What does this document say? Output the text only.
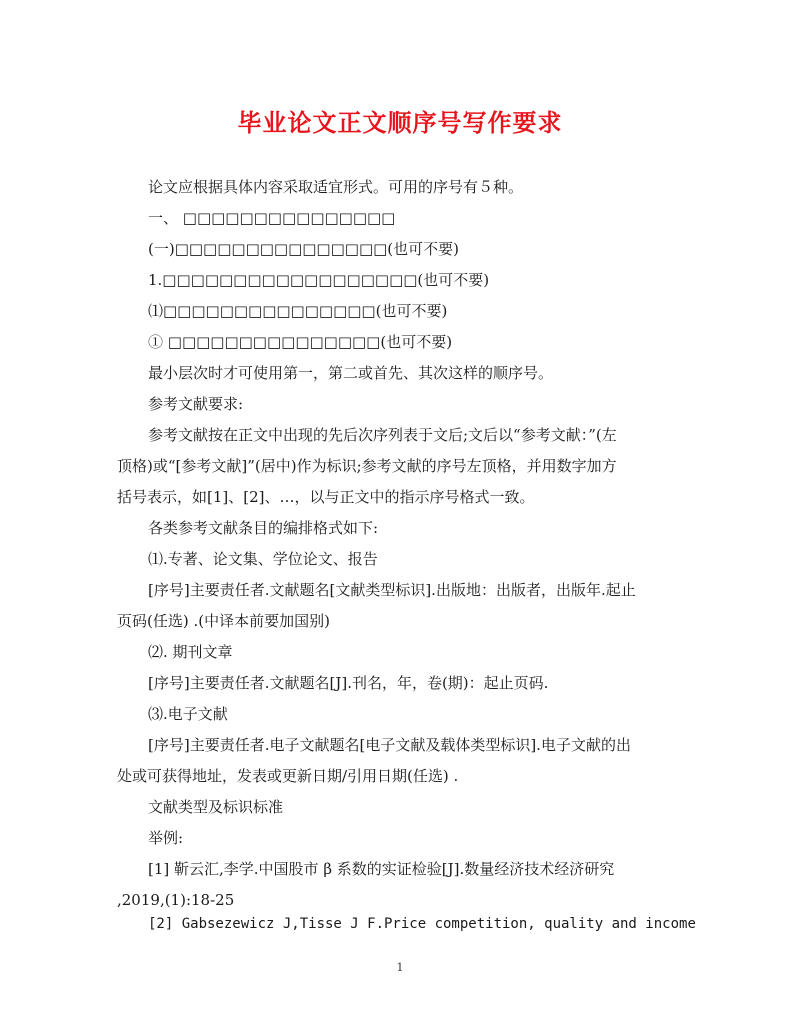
毕业论文正文顺序号写作要求
论文应根据具体内容采取适宜形式。可用的序号有５种。
一、 □□□□□□□□□□□□□□□
(一)□□□□□□□□□□□□□□□(也可不要)
1.□□□□□□□□□□□□□□□□□□(也可不要)
⑴□□□□□□□□□□□□□□□(也可不要)
① □□□□□□□□□□□□□□□(也可不要)
最小层次时才可使用第一，第二或首先、其次这样的顺序号。
参考文献要求:
参考文献按在正文中出现的先后次序列表于文后;文后以“参考文献：”(左
顶格)或“[参考文献]”(居中)作为标识;参考文献的序号左顶格，并用数字加方
括号表示，如[1]、[2]、…，以与正文中的指示序号格式一致。
各类参考文献条目的编排格式如下:
⑴.专著、论文集、学位论文、报告
[序号]主要责任者.文献题名[文献类型标识].出版地：出版者，出版年.起止
页码(任选) .(中译本前要加国别)
⑵. 期刊文章
[序号]主要责任者.文献题名[J].刊名，年，卷(期)：起止页码.
⑶.电子文献
[序号]主要责任者.电子文献题名[电子文献及载体类型标识].电子文献的出
处或可获得地址，发表或更新日期/引用日期(任选) .
文献类型及标识标准
举例:
[1] 靳云汇,李学.中国股市 β 系数的实证检验[J].数量经济技术经济研究
,2019,(1):18-25
[2] Gabsezewicz J,Tisse J F.Price competition, quality and income
1
